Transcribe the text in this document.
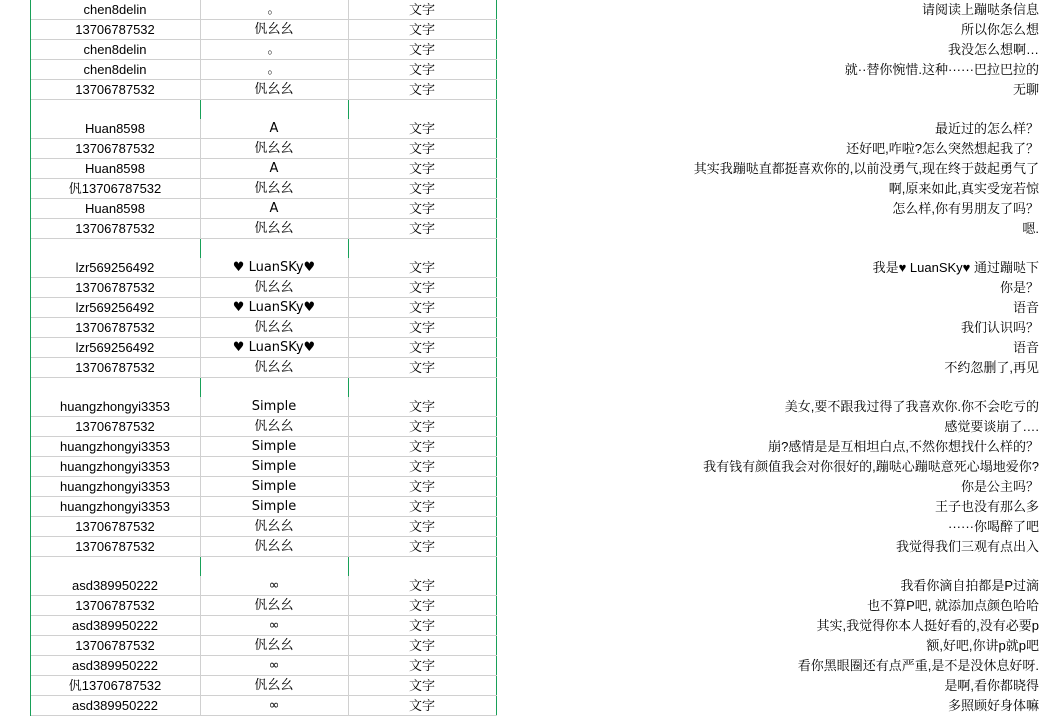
	chen8delin	。	文字	请阅读上蹦哒条信息
	13706787532	𠆩幺幺	文字	所以你怎么想
	chen8delin	。	文字	我没怎么想啊…
	chen8delin	。	文字	就··替你惋惜.这种······巴拉巴拉的
	13706787532	𠆩幺幺	文字	无聊

	Huan8598	A	文字	最近过的怎么样？
	13706787532	𠆩幺幺	文字	还好吧,咋啦?怎么突然想起我了？
	Huan8598	A	文字	其实我蹦哒直都挺喜欢你的,以前没勇气,现在终于鼓起勇气了
	𠆩13706787532	𠆩幺幺	文字	啊,原来如此,真实受宠若惊
	Huan8598	A	文字	怎么样,你有男朋友了吗？
	13706787532	𠆩幺幺	文字	嗯.

	lzr569256492	♥ LuanSKy♥	文字	我是♥ LuanSKy♥ 通过蹦哒下
	13706787532	𠆩幺幺	文字	你是？
	lzr569256492	♥ LuanSKy♥	文字	语音
	13706787532	𠆩幺幺	文字	我们认识吗？
	lzr569256492	♥ LuanSKy♥	文字	语音
	13706787532	𠆩幺幺	文字	不约忽删了,再见

	huangzhongyi3353	Simple	文字	美女,要不跟我过得了我喜欢你.你不会吃亏的
	13706787532	𠆩幺幺	文字	感觉要谈崩了….
	huangzhongyi3353	Simple	文字	崩?感情是是互相坦白点,不然你想找什么样的？
	huangzhongyi3353	Simple	文字	我有钱有颜值我会对你很好的,蹦哒心蹦哒意死心塌地爱你?
	huangzhongyi3353	Simple	文字	你是公主吗？
	huangzhongyi3353	Simple	文字	王子也没有那么多
	13706787532	𠆩幺幺	文字	······你喝醉了吧
	13706787532	𠆩幺幺	文字	我觉得我们三观有点出入

	asd389950222	∞	文字	我看你滴自拍都是P过滴
	13706787532	𠆩幺幺	文字	也不算P吧, 就添加点颜色哈哈
	asd389950222	∞	文字	其实,我觉得你本人挺好看的,没有必要p
	13706787532	𠆩幺幺	文字	额,好吧,你讲p就p吧
	asd389950222	∞	文字	看你黑眼圈还有点严重,是不是没休息好呀.
	𠆩13706787532	𠆩幺幺	文字	是啊,看你都晓得
	asd389950222	∞	文字	多照顾好身体嘛
